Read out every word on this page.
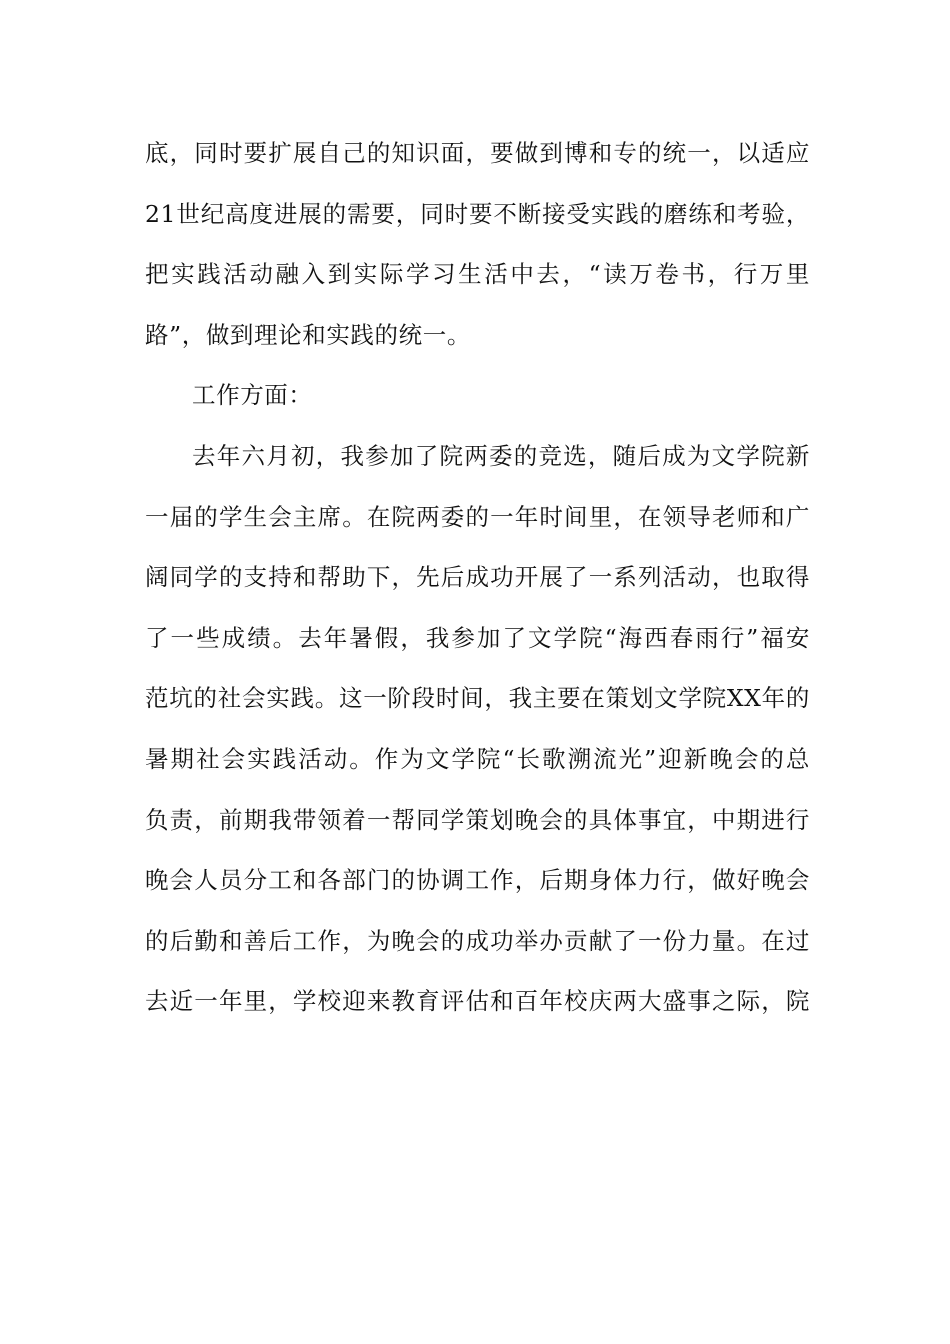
底，同时要扩展自己的知识面，要做到博和专的统一，以适应
21世纪高度进展的需要，同时要不断接受实践的磨练和考验，
把实践活动融入到实际学习生活中去，“读万卷书，行万里
路”，做到理论和实践的统一。
工作方面：
去年六月初，我参加了院两委的竞选，随后成为文学院新
一届的学生会主席。在院两委的一年时间里，在领导老师和广
阔同学的支持和帮助下，先后成功开展了一系列活动，也取得
了一些成绩。去年暑假，我参加了文学院“海西春雨行”福安
范坑的社会实践。这一阶段时间，我主要在策划文学院XX年的
暑期社会实践活动。作为文学院“长歌溯流光”迎新晚会的总
负责，前期我带领着一帮同学策划晚会的具体事宜，中期进行
晚会人员分工和各部门的协调工作，后期身体力行，做好晚会
的后勤和善后工作，为晚会的成功举办贡献了一份力量。在过
去近一年里，学校迎来教育评估和百年校庆两大盛事之际，院
